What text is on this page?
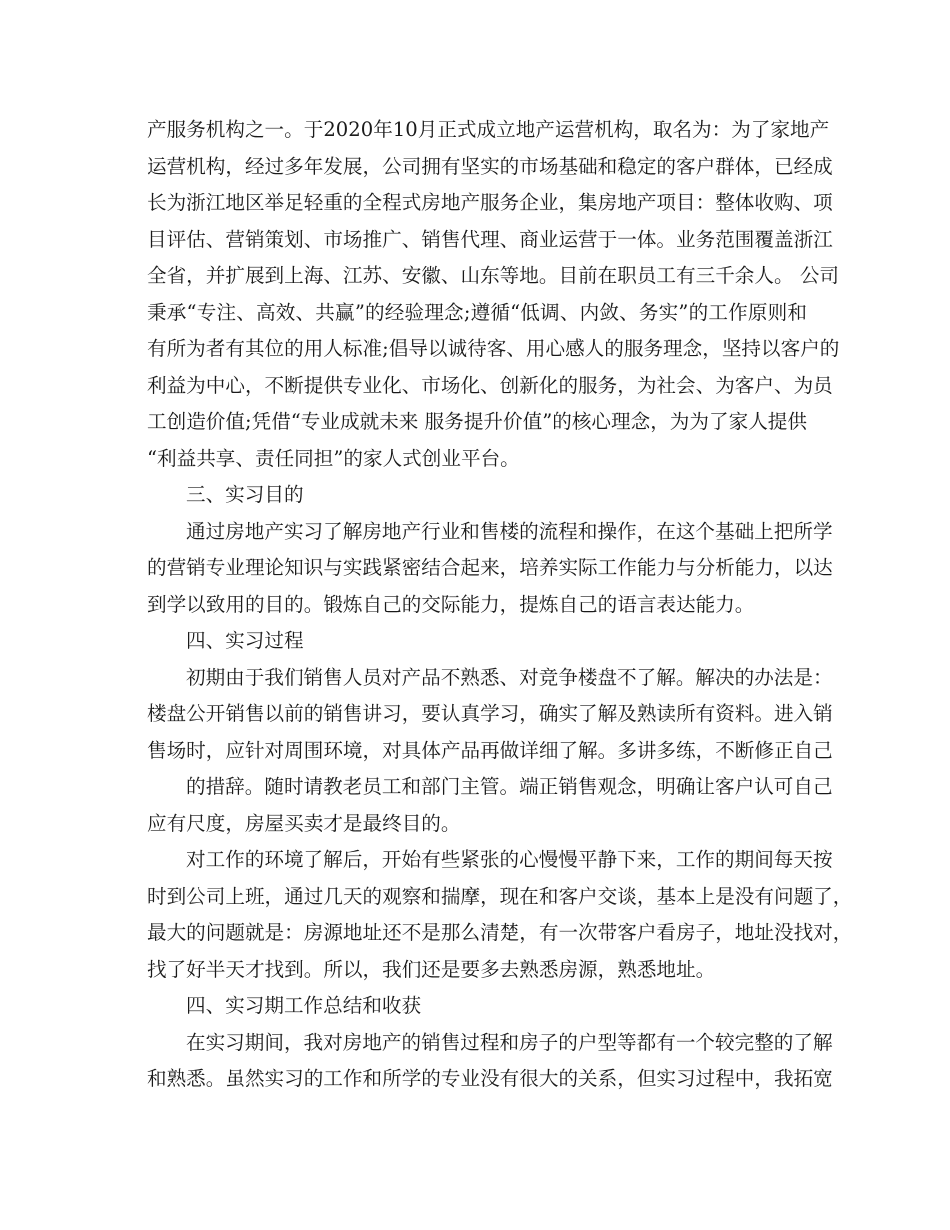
产服务机构之一。于2020年10月正式成立地产运营机构，取名为：为了家地产
运营机构，经过多年发展，公司拥有坚实的市场基础和稳定的客户群体，已经成
长为浙江地区举足轻重的全程式房地产服务企业，集房地产项目：整体收购、项
目评估、营销策划、市场推广、销售代理、商业运营于一体。业务范围覆盖浙江
全省，并扩展到上海、江苏、安徽、山东等地。目前在职员工有三千余人。 公司
秉承“专注、高效、共赢”的经验理念;遵循“低调、内敛、务实”的工作原则和
有所为者有其位的用人标准;倡导以诚待客、用心感人的服务理念，坚持以客户的
利益为中心，不断提供专业化、市场化、创新化的服务，为社会、为客户、为员
工创造价值;凭借“专业成就未来 服务提升价值”的核心理念，为为了家人提供
“利益共享、责任同担”的家人式创业平台。
三、实习目的
通过房地产实习了解房地产行业和售楼的流程和操作，在这个基础上把所学
的营销专业理论知识与实践紧密结合起来，培养实际工作能力与分析能力，以达
到学以致用的目的。锻炼自己的交际能力，提炼自己的语言表达能力。
四、实习过程
初期由于我们销售人员对产品不熟悉、对竞争楼盘不了解。解决的办法是：
楼盘公开销售以前的销售讲习，要认真学习，确实了解及熟读所有资料。进入销
售场时，应针对周围环境，对具体产品再做详细了解。多讲多练，不断修正自己
的措辞。随时请教老员工和部门主管。端正销售观念，明确让客户认可自己
应有尺度，房屋买卖才是最终目的。
对工作的环境了解后，开始有些紧张的心慢慢平静下来，工作的期间每天按
时到公司上班，通过几天的观察和揣摩，现在和客户交谈，基本上是没有问题了，
最大的问题就是：房源地址还不是那么清楚，有一次带客户看房子，地址没找对，
找了好半天才找到。所以，我们还是要多去熟悉房源，熟悉地址。
四、实习期工作总结和收获
在实习期间，我对房地产的销售过程和房子的户型等都有一个较完整的了解
和熟悉。虽然实习的工作和所学的专业没有很大的关系，但实习过程中，我拓宽
